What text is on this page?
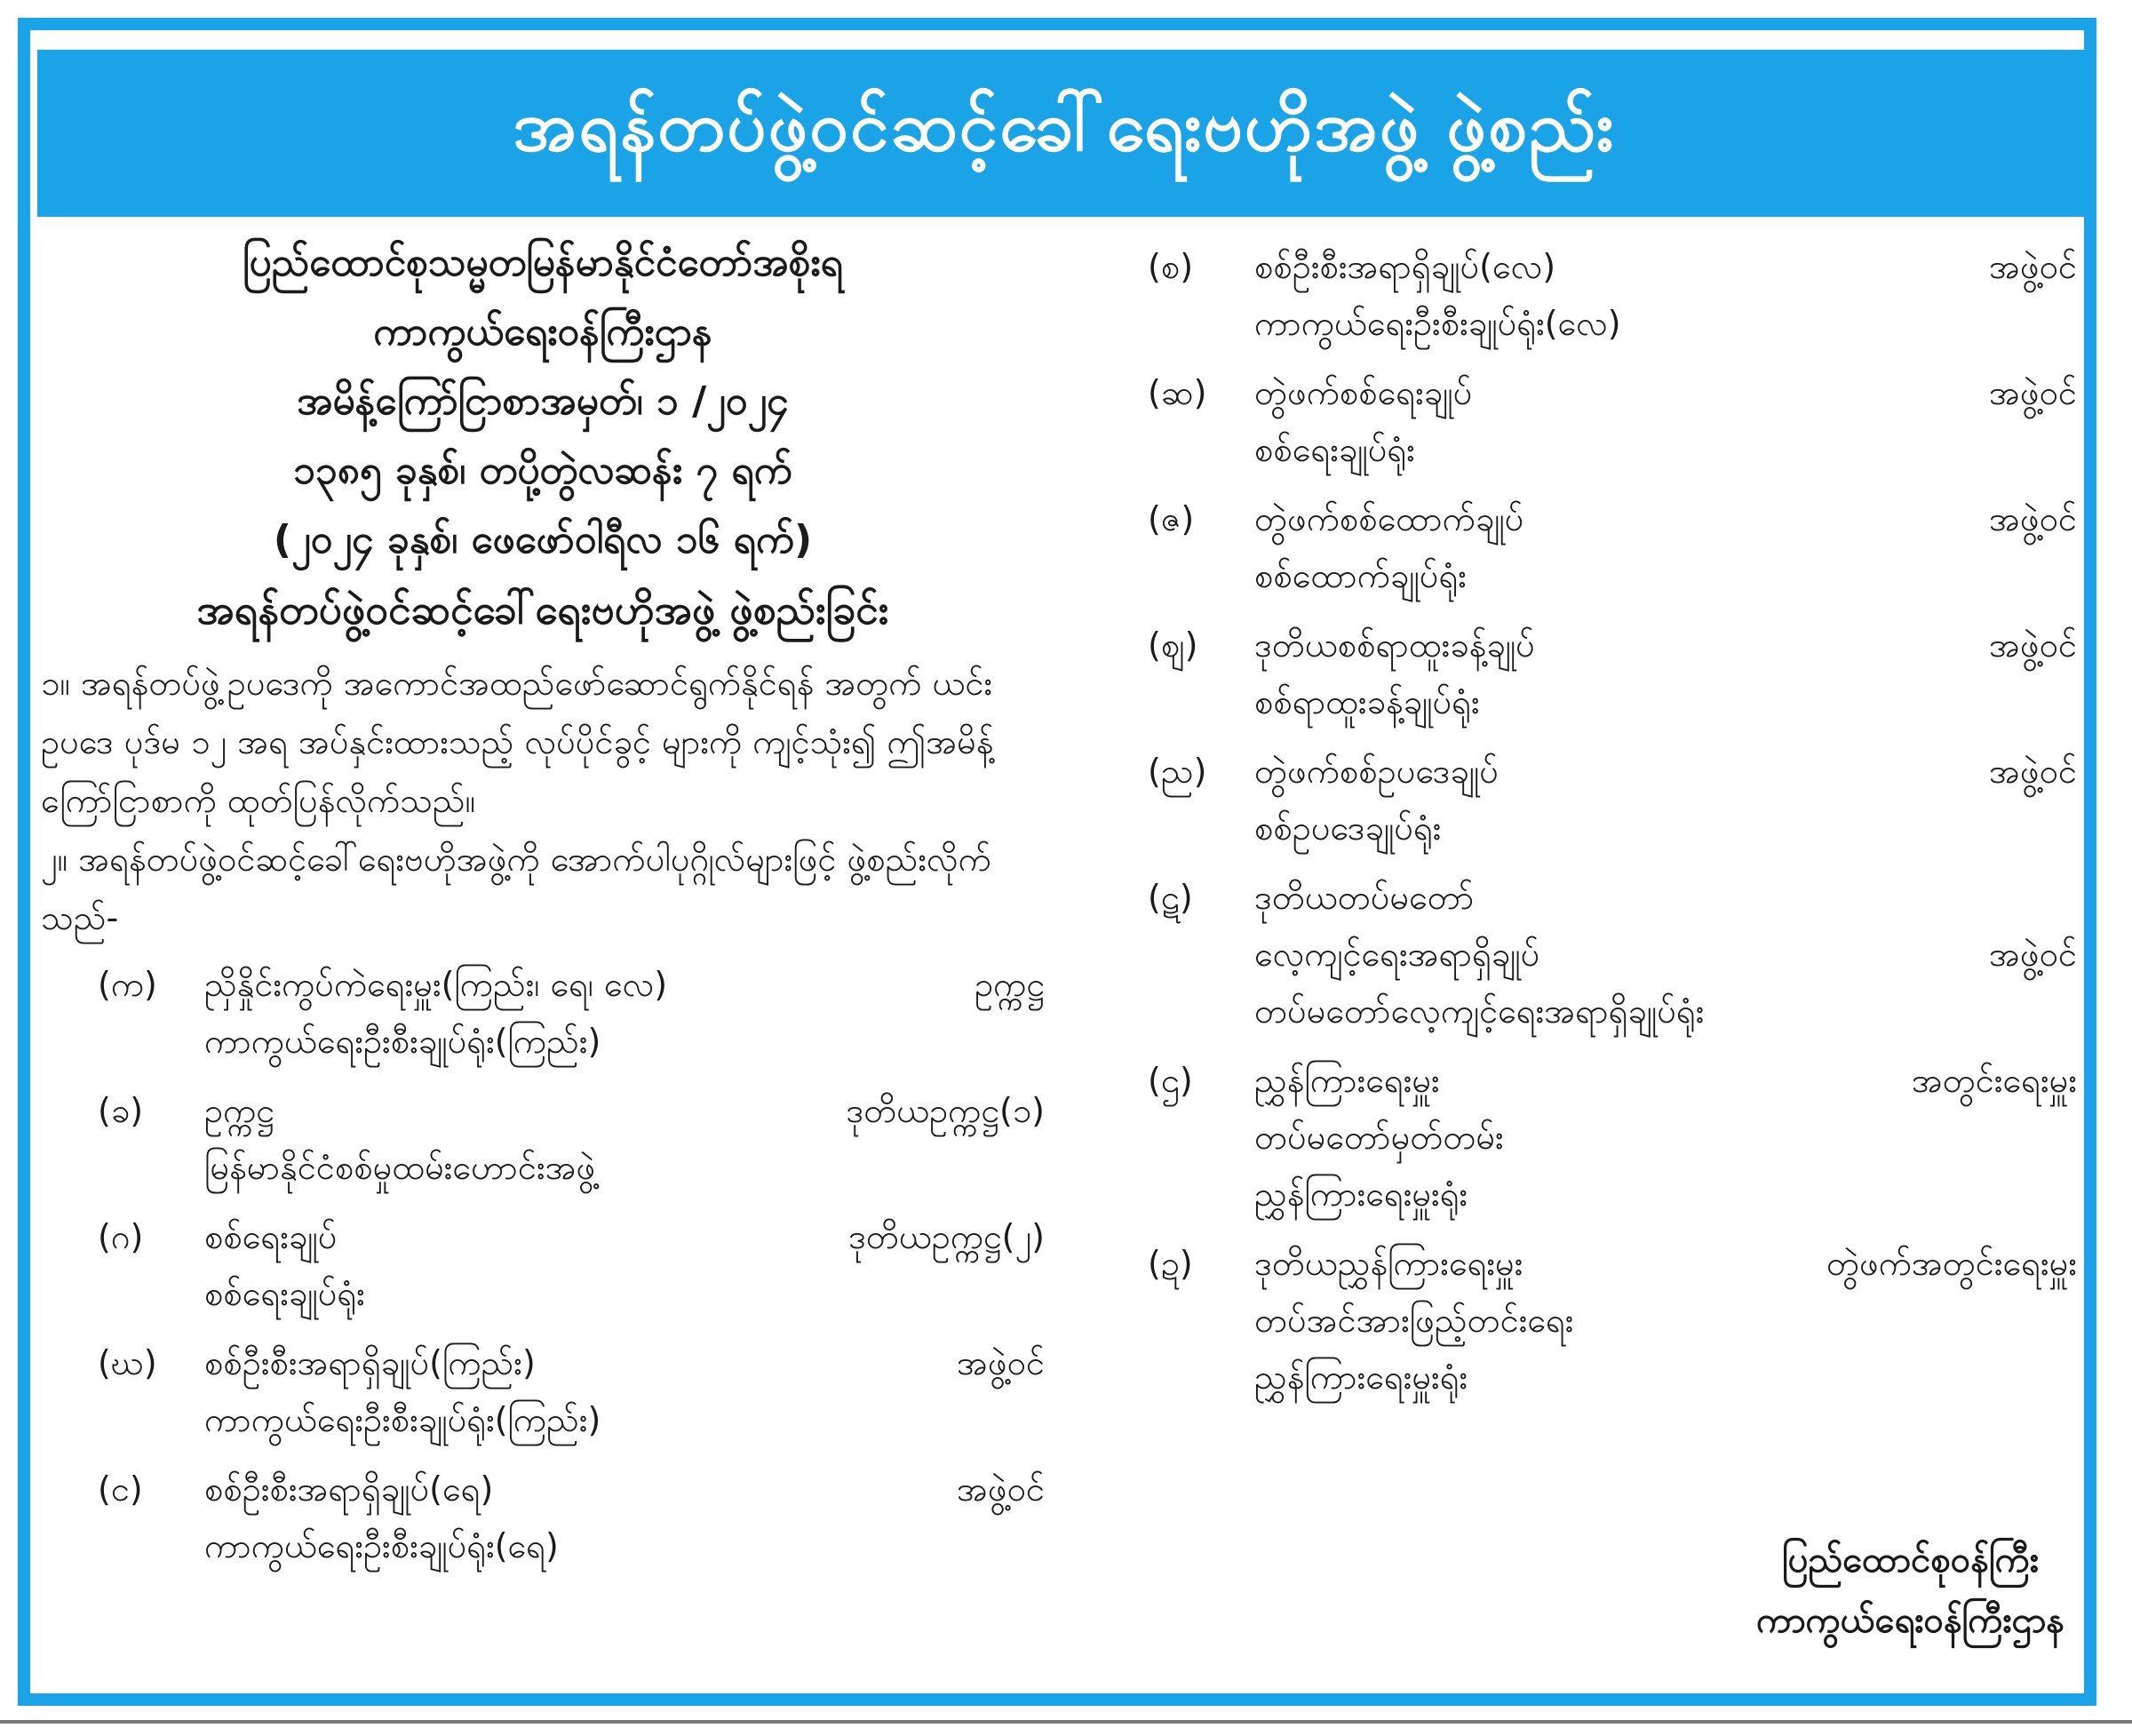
အရန်တပ်ဖွဲ့ဝင်ဆင့်ခေါ်ရေးဗဟိုအဖွဲ့ ဖွဲ့စည်း
ပြည်ထောင်စုသမ္မတမြန်မာနိုင်ငံတော်အစိုးရ
ကာကွယ်ရေးဝန်ကြီးဌာန
အမိန့်ကြော်ငြာစာအမှတ်၊ ၁ /၂၀၂၄
၁၃၈၅ ခုနှစ်၊ တပို့တွဲလဆန်း ၇ ရက်
(၂၀၂၄ ခုနှစ်၊ ဖေဖော်ဝါရီလ ၁၆ ရက်)
အရန်တပ်ဖွဲ့ဝင်ဆင့်ခေါ်ရေးဗဟိုအဖွဲ့ ဖွဲ့စည်းခြင်း

၁။ အရန်တပ်ဖွဲ့ဥပဒေကို အကောင်အထည်ဖော်ဆောင်ရွက်နိုင်ရန် အတွက် ယင်းဥပဒေ ပုဒ်မ ၁၂ အရ အပ်နှင်းထားသည့် လုပ်ပိုင်ခွင့် များကို ကျင့်သုံး၍ ဤအမိန့်ကြော်ငြာစာကို ထုတ်ပြန်လိုက်သည်။

၂။ အရန်တပ်ဖွဲ့ဝင်ဆင့်ခေါ်ရေးဗဟိုအဖွဲ့ကို အောက်ပါပုဂ္ဂိုလ်များဖြင့် ဖွဲ့စည်းလိုက်သည်-

(က) ညှိနှိုင်းကွပ်ကဲရေးမှူး(ကြည်း၊ ရေ၊ လေ)
ကာကွယ်ရေးဦးစီးချုပ်ရုံး(ကြည်း)
ဥက္ကဋ္ဌ
(ခ) ဥက္ကဋ္ဌ
မြန်မာနိုင်ငံစစ်မှုထမ်းဟောင်းအဖွဲ့
ဒုတိယဥက္ကဋ္ဌ(၁)
(ဂ) စစ်ရေးချုပ်
စစ်ရေးချုပ်ရုံး
ဒုတိယဥက္ကဋ္ဌ(၂)
(ဃ) စစ်ဦးစီးအရာရှိချုပ်(ကြည်း)
ကာကွယ်ရေးဦးစီးချုပ်ရုံး(ကြည်း)
အဖွဲ့ဝင်
(င) စစ်ဦးစီးအရာရှိချုပ်(ရေ)
ကာကွယ်ရေးဦးစီးချုပ်ရုံး(ရေ)
အဖွဲ့ဝင်
(စ) စစ်ဦးစီးအရာရှိချုပ်(လေ)
ကာကွယ်ရေးဦးစီးချုပ်ရုံး(လေ)
အဖွဲ့ဝင်
(ဆ) တွဲဖက်စစ်ရေးချုပ်
စစ်ရေးချုပ်ရုံး
အဖွဲ့ဝင်
(ဇ) တွဲဖက်စစ်ထောက်ချုပ်
စစ်ထောက်ချုပ်ရုံး
အဖွဲ့ဝင်
(ဈ) ဒုတိယစစ်ရာထူးခန့်ချုပ်
စစ်ရာထူးခန့်ချုပ်ရုံး
အဖွဲ့ဝင်
(ည) တွဲဖက်စစ်ဥပဒေချုပ်
စစ်ဥပဒေချုပ်ရုံး
အဖွဲ့ဝင်
(ဋ) ဒုတိယတပ်မတော်
လေ့ကျင့်ရေးအရာရှိချုပ်
တပ်မတော်လေ့ကျင့်ရေးအရာရှိချုပ်ရုံး
အဖွဲ့ဝင်
(ဌ) ညွှန်ကြားရေးမှူး
တပ်မတော်မှတ်တမ်း
ညွှန်ကြားရေးမှူးရုံး
အတွင်းရေးမှူး
(ဍ) ဒုတိယညွှန်ကြားရေးမှူး
တပ်အင်အားဖြည့်တင်းရေး
ညွှန်ကြားရေးမှူးရုံး
တွဲဖက်အတွင်းရေးမှူး
ပြည်ထောင်စုဝန်ကြီး
ကာကွယ်ရေးဝန်ကြီးဌာန
